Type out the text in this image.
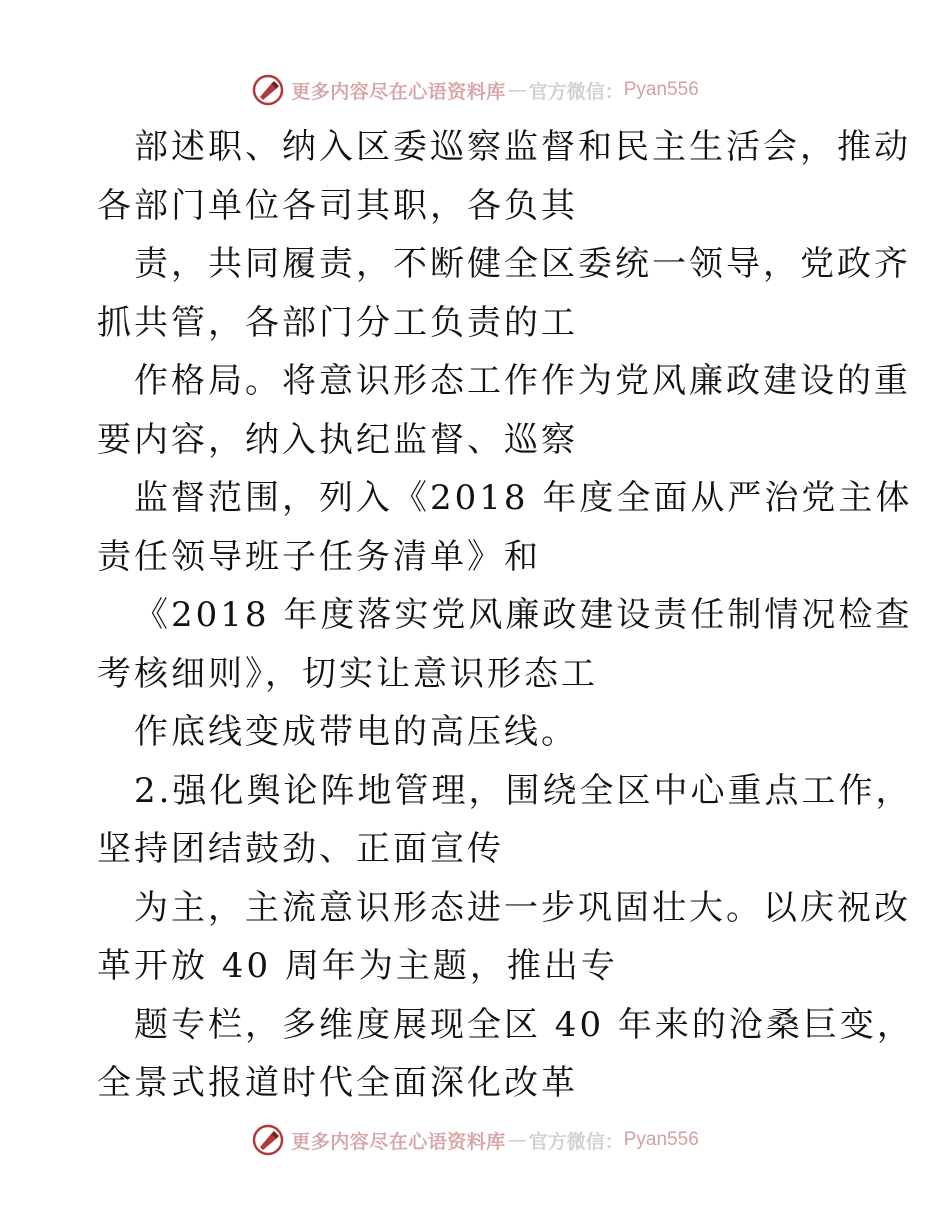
更多内容尽在心语资料库 — 官方微信： Pyan556
部述职、纳入区委巡察监督和民主生活会，推动
各部门单位各司其职，各负其
责，共同履责，不断健全区委统一领导，党政齐
抓共管，各部门分工负责的工
作格局。将意识形态工作作为党风廉政建设的重
要内容，纳入执纪监督、巡察
监督范围，列入《2018 年度全面从严治党主体
责任领导班子任务清单》和
《2018 年度落实党风廉政建设责任制情况检查
考核细则》，切实让意识形态工
作底线变成带电的高压线。
2.强化舆论阵地管理，围绕全区中心重点工作，
坚持团结鼓劲、正面宣传
为主，主流意识形态进一步巩固壮大。以庆祝改
革开放 40 周年为主题，推出专
题专栏，多维度展现全区 40 年来的沧桑巨变，
全景式报道时代全面深化改革
更多内容尽在心语资料库 — 官方微信： Pyan556
